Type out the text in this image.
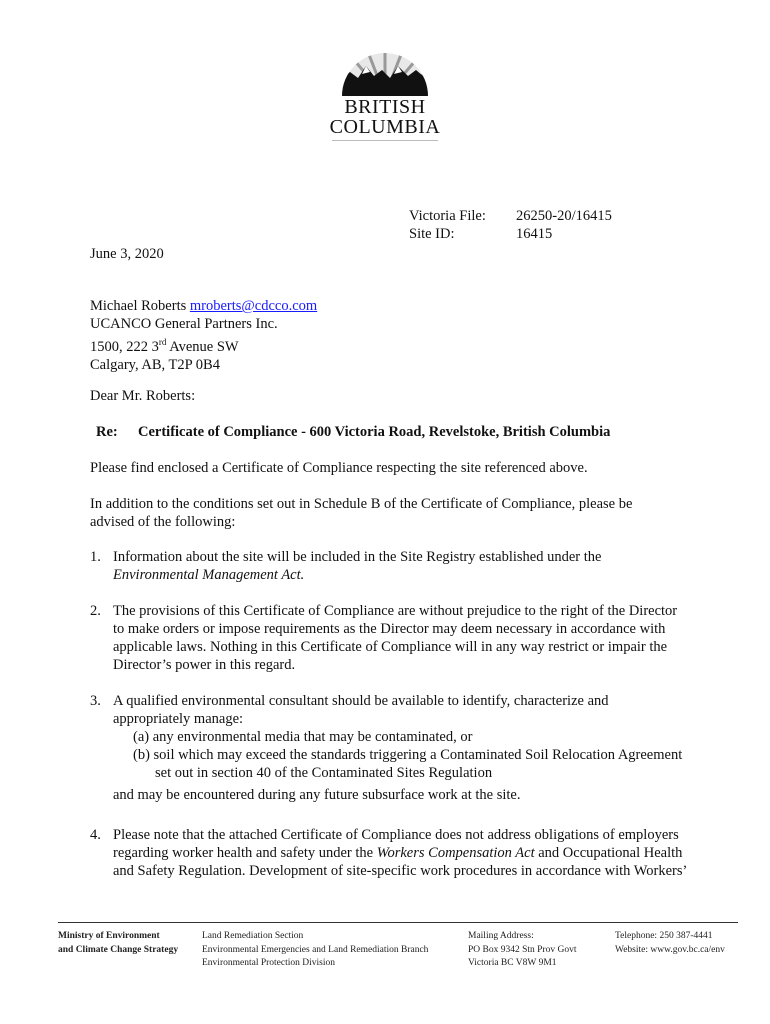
BRITISH
COLUMBIA
Victoria File: 26250-20/16415
Site ID:	16415
June 3, 2020
Michael Roberts mroberts@cdcco.com
UCANCO General Partners Inc.
1500, 222 3rd Avenue SW
Calgary, AB, T2P 0B4
Dear Mr. Roberts:
Re: Certificate of Compliance - 600 Victoria Road, Revelstoke, British Columbia
Please find enclosed a Certificate of Compliance respecting the site referenced above.
In addition to the conditions set out in Schedule B of the Certificate of Compliance, please be
advised of the following:
1. Information about the site will be included in the Site Registry established under the
Environmental Management Act.
2. The provisions of this Certificate of Compliance are without prejudice to the right of the Director
to make orders or impose requirements as the Director may deem necessary in accordance with
applicable laws. Nothing in this Certificate of Compliance will in any way restrict or impair the
Director’s power in this regard.
3. A qualified environmental consultant should be available to identify, characterize and
appropriately manage:
(a) any environmental media that may be contaminated, or
(b) soil which may exceed the standards triggering a Contaminated Soil Relocation Agreement
set out in section 40 of the Contaminated Sites Regulation
and may be encountered during any future subsurface work at the site.
4. Please note that the attached Certificate of Compliance does not address obligations of employers
regarding worker health and safety under the Workers Compensation Act and Occupational Health
and Safety Regulation. Development of site-specific work procedures in accordance with Workers’
Ministry of Environment
and Climate Change Strategy
Land Remediation Section
Environmental Emergencies and Land Remediation Branch
Environmental Protection Division
Mailing Address:
PO Box 9342 Stn Prov Govt
Victoria BC V8W 9M1
Telephone: 250 387-4441
Website: www.gov.bc.ca/env
